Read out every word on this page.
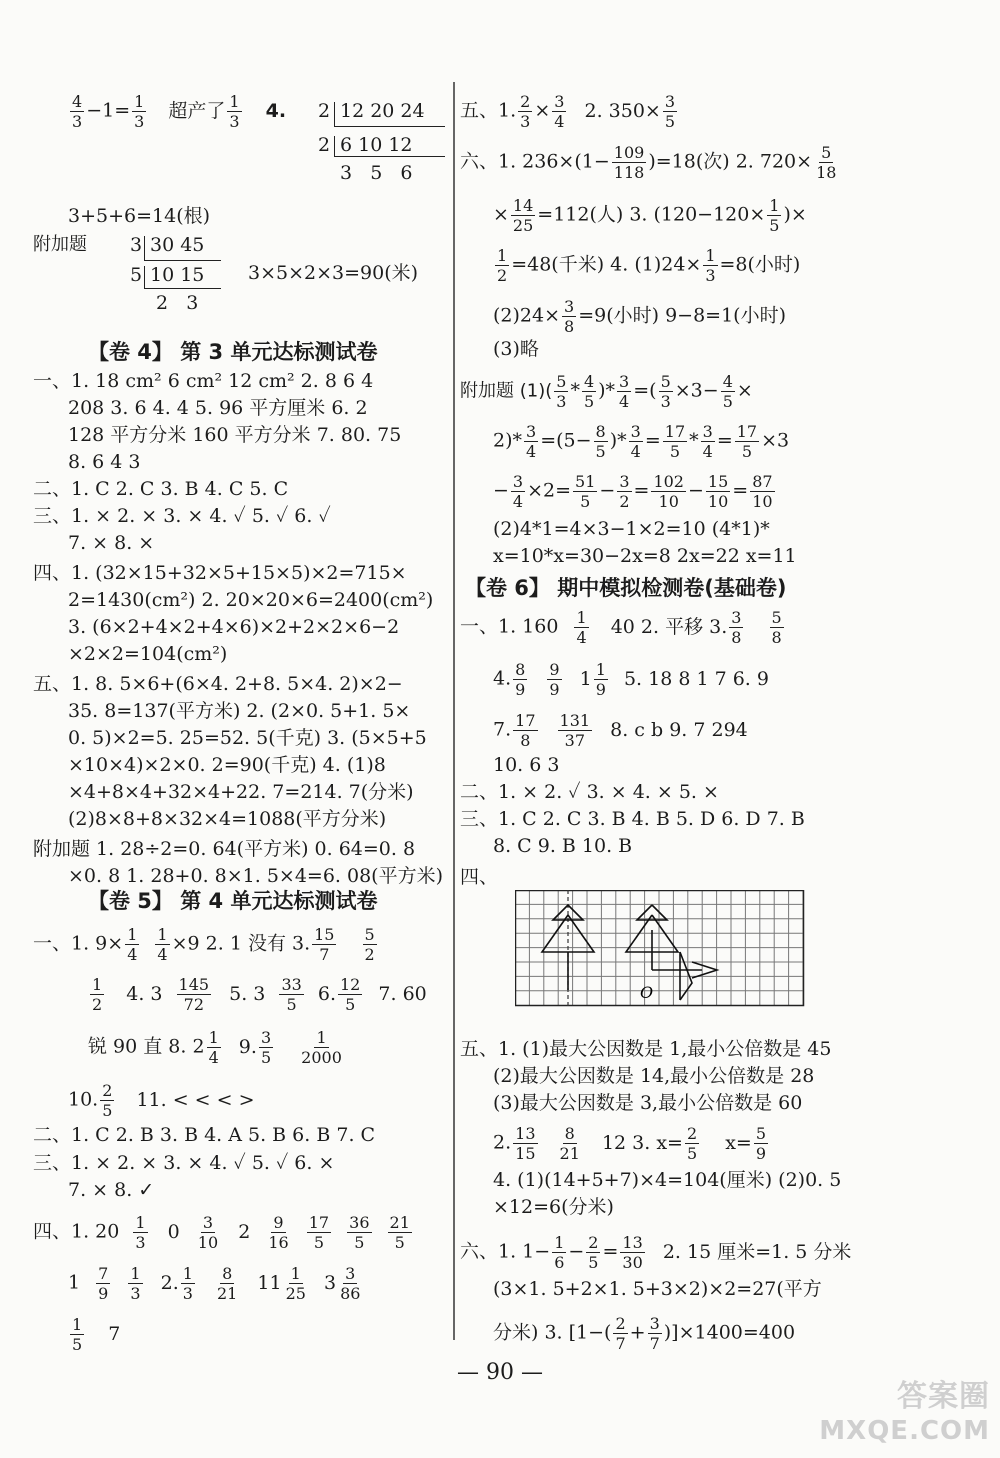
$\frac{4}{3} -1= \frac{1}{3}$ 超产了 $\frac{1}{3} 4$. 2 12 20 24
2 6 10 12
3   5   6
3+5+6=14(根)
附加题 3 30 45
5 10 15
2   3
3×5×2×3=90(米)
【卷 4】 第 3 单元达标测试卷
一、1. 18 cm² 6 cm² 12 cm² 2. 8 6 4
208 3. 6 4. 4 5. 96 平方厘米 6. 2
128 平方分米 160 平方分米 7. 80. 75
8. 6 4 3
二、1. C 2. C 3. B 4. C 5. C
三、1. × 2. × 3. × 4. ✓ 5. ✓ 6. ✓
7. × 8. ×
四、1. (32×15+32×5+15×5)×2=715×
2=1430(cm²) 2. 20×20×6=2400(cm²)
3. (6×2+4×2+4×6)×2+2×2×6−2
×2×2=104(cm²)
五、1. 8. 5×6+(6×4. 2+8. 5×4. 2)×2−
35. 8=137(平方米) 2. (2×0. 5+1. 5×
0. 5)×2=5. 25=52. 5(千克) 3. (5×5+5
×10×4)×2×0. 2=90(千克) 4. (1)8
×4+8×4+32×4+22. 7=214. 7(分米)
(2)8×8+8×32×4=1088(平方分米)
附加题 1. 28÷2=0. 64(平方米) 0. 64=0. 8
×0. 8 1. 28+0. 8×1. 5×4=6. 08(平方米)
【卷 5】 第 4 单元达标测试卷
一、1. $9\times \frac{1}{4}$
$\frac{1}{4} \times 9$ 2. 1 没有 3. $\frac{15}{7}$
$\frac{5}{2}$
$\frac{1}{2} 4$. $3 \frac{145}{72} 5$. $3 \frac{33}{5} 6$. $\frac{12}{5} 7$. 60
锐 90 直 8. $2 \frac{1}{4} 9$. $\frac{3}{5}$
$\frac{1}{2000}$
10. $\frac{2}{5} 11$. < < < >
二、1. C 2. B 3. B 4. A 5. B 6. B 7. C
三、1. × 2. × 3. × 4. ✓ 5. ✓ 6. ×
7. × 8. ✓
四、1. $20 \frac{1}{3} 0 \frac{3}{10} 2 \frac{9}{16}$
$\frac{17}{5}$
$\frac{36}{5}$
$\frac{21}{5}$
$1 \frac{7}{9}$
$\frac{1}{3} 2$. $\frac{1}{3}$
$\frac{8}{21} 11 \frac{1}{25} 3 \frac{3}{86}$
$\frac{1}{5} 7$
五、1. $\frac{2}{3} \times \frac{3}{4} 2$. $350\times \frac{3}{5}$
六、1. $236\times(1- \frac{109}{118} )=18$(次) 2. $720\times \frac{5}{18}$
× $\frac{14}{25} =112$(人) 3. ($120-120\times \frac{1}{5}$ )×
$\frac{1}{2} =48$(千米) 4. $(1)24\times \frac{1}{3} =8$(小时)
$(2)24\times \frac{3}{8} =9$(小时) 9−8=1(小时)
(3)略
附加题 $(1)( \frac{5}{3} * \frac{4}{5}$ )* $\frac{3}{4}$ =( $\frac{5}{3} \times 3- \frac{4}{5}$ ×
$2)* \frac{3}{4} =(5- \frac{8}{5}$ )* $\frac{3}{4} = \frac{17}{5} * \frac{3}{4} = \frac{17}{5} \times 3$
− $\frac{3}{4} \times 2= \frac{51}{5} - \frac{3}{2} = \frac{102}{10} - \frac{15}{10} = \frac{87}{10}$
(2)4*1=4×3−1×2=10 (4*1)*
x=10*x=30−2x=8 2x=22 x=11
【卷 6】 期中模拟检测卷(基础卷)
一、1. $160 \frac{1}{4} 40$ 2. 平移 3. $\frac{3}{8}$
$\frac{5}{8}$
4. $\frac{8}{9}$
$\frac{9}{9} 1 \frac{1}{9} 5$. 18 8 1 7 6. 9
7. $\frac{17}{8}$
$\frac{131}{37} 8$. c b 9. 7 294
10. 6 3
二、1. × 2. ✓ 3. × 4. × 5. ×
三、1. C 2. C 3. B 4. B 5. D 6. D 7. B
8. C 9. B 10. B
四、
O
五、1. (1)最大公因数是 1,最小公倍数是 45
(2)最大公因数是 14,最小公倍数是 28
(3)最大公因数是 3,最小公倍数是 60
2. $\frac{13}{15}$
$\frac{8}{21} 12$ 3. $x= \frac{2}{5} x= \frac{5}{9}$
4. (1)(14+5+7)×4=104(厘米) (2)0. 5
×12=6(分米)
六、1. $1- \frac{1}{6} - \frac{2}{5} = \frac{13}{30} 2$. 15 厘米=1. 5 分米
(3×1. 5+2×1. 5+3×2)×2=27(平方
分米) 3. $[1-( \frac{2}{7} + \frac{3}{7} )]\times 1400=400$
— 90 —
答案圈
MXQE.COM
